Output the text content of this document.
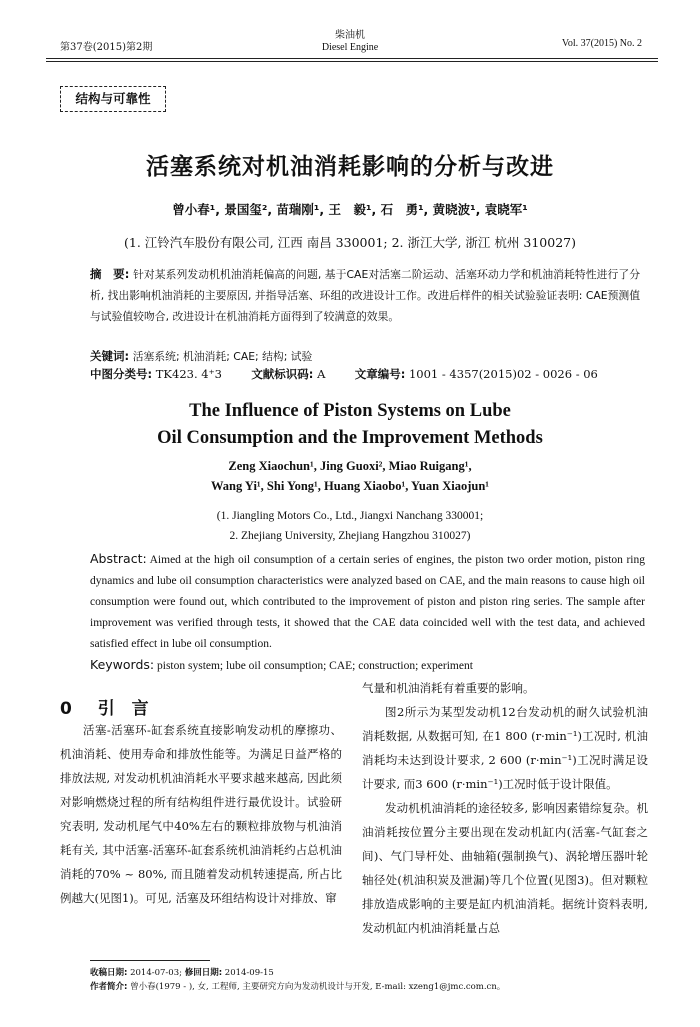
第37卷(2015)第2期
柴油机
Diesel Engine	Vol. 37(2015) No. 2
结构与可靠性
活塞系统对机油消耗影响的分析与改进
曾小春¹, 景国玺², 苗瑞刚¹, 王　毅¹, 石　勇¹, 黄晓波¹, 袁晓军¹
(1. 江铃汽车股份有限公司, 江西 南昌 330001; 2. 浙江大学, 浙江 杭州 310027)
摘　要: 针对某系列发动机机油消耗偏高的问题, 基于CAE对活塞二阶运动、活塞环动力学和机油消耗特性进行了分析, 找出影响机油消耗的主要原因, 并指导活塞、环组的改进设计工作。改进后样件的相关试验验证表明: CAE预测值与试验值较吻合, 改进设计在机油消耗方面得到了较满意的效果。
关键词: 活塞系统; 机油消耗; CAE; 结构; 试验
中图分类号: TK423. 4⁺3	文献标识码: A	文章编号: 1001 - 4357(2015)02 - 0026 - 06
The Influence of Piston Systems on Lube
Oil Consumption and the Improvement Methods
Zeng Xiaochun¹, Jing Guoxi², Miao Ruigang¹,
Wang Yi¹, Shi Yong¹, Huang Xiaobo¹, Yuan Xiaojun¹
(1. Jiangling Motors Co., Ltd., Jiangxi Nanchang 330001;
2. Zhejiang University, Zhejiang Hangzhou 310027)
Abstract: Aimed at the high oil consumption of a certain series of engines, the piston two order motion, piston ring dynamics and lube oil consumption characteristics were analyzed based on CAE, and the main reasons to cause high oil consumption were found out, which contributed to the improvement of piston and piston ring series. The sample after improvement was verified through tests, it showed that the CAE data coincided well with the test data, and achieved satisfied effect in lube oil consumption.
Keywords: piston system; lube oil consumption; CAE; construction; experiment
0 引　言

活塞-活塞环-缸套系统直接影响发动机的摩擦功、机油消耗、使用寿命和排放性能等。为满足日益严格的排放法规, 对发动机机油消耗水平要求越来越高, 因此须对影响燃烧过程的所有结构组件进行最优设计。试验研究表明, 发动机尾气中40%左右的颗粒排放物与机油消耗有关, 其中活塞-活塞环-缸套系统机油消耗约占总机油消耗的70% ~ 80%, 而且随着发动机转速提高, 所占比例越大(见图1)。可见, 活塞及环组结构设计对排放、窜

气量和机油消耗有着重要的影响。

图2所示为某型发动机12台发动机的耐久试验机油消耗数据, 从数据可知, 在1 800 (r·min⁻¹)工况时, 机油消耗均未达到设计要求, 2 600 (r·min⁻¹)工况时满足设计要求, 而3 600 (r·min⁻¹)工况时低于设计限值。

发动机机油消耗的途径较多, 影响因素错综复杂。机油消耗按位置分主要出现在发动机缸内(活塞-气缸套之间)、气门导杆处、曲轴箱(强制换气)、涡轮增压器叶轮轴径处(机油积炭及泄漏)等几个位置(见图3)。但对颗粒排放造成影响的主要是缸内机油消耗。据统计资料表明, 发动机缸内机油消耗量占总

收稿日期: 2014-07-03; 修回日期: 2014-09-15
作者简介: 曾小春(1979 - ), 女, 工程师, 主要研究方向为发动机设计与开发, E-mail: xzeng1@jmc.com.cn。
